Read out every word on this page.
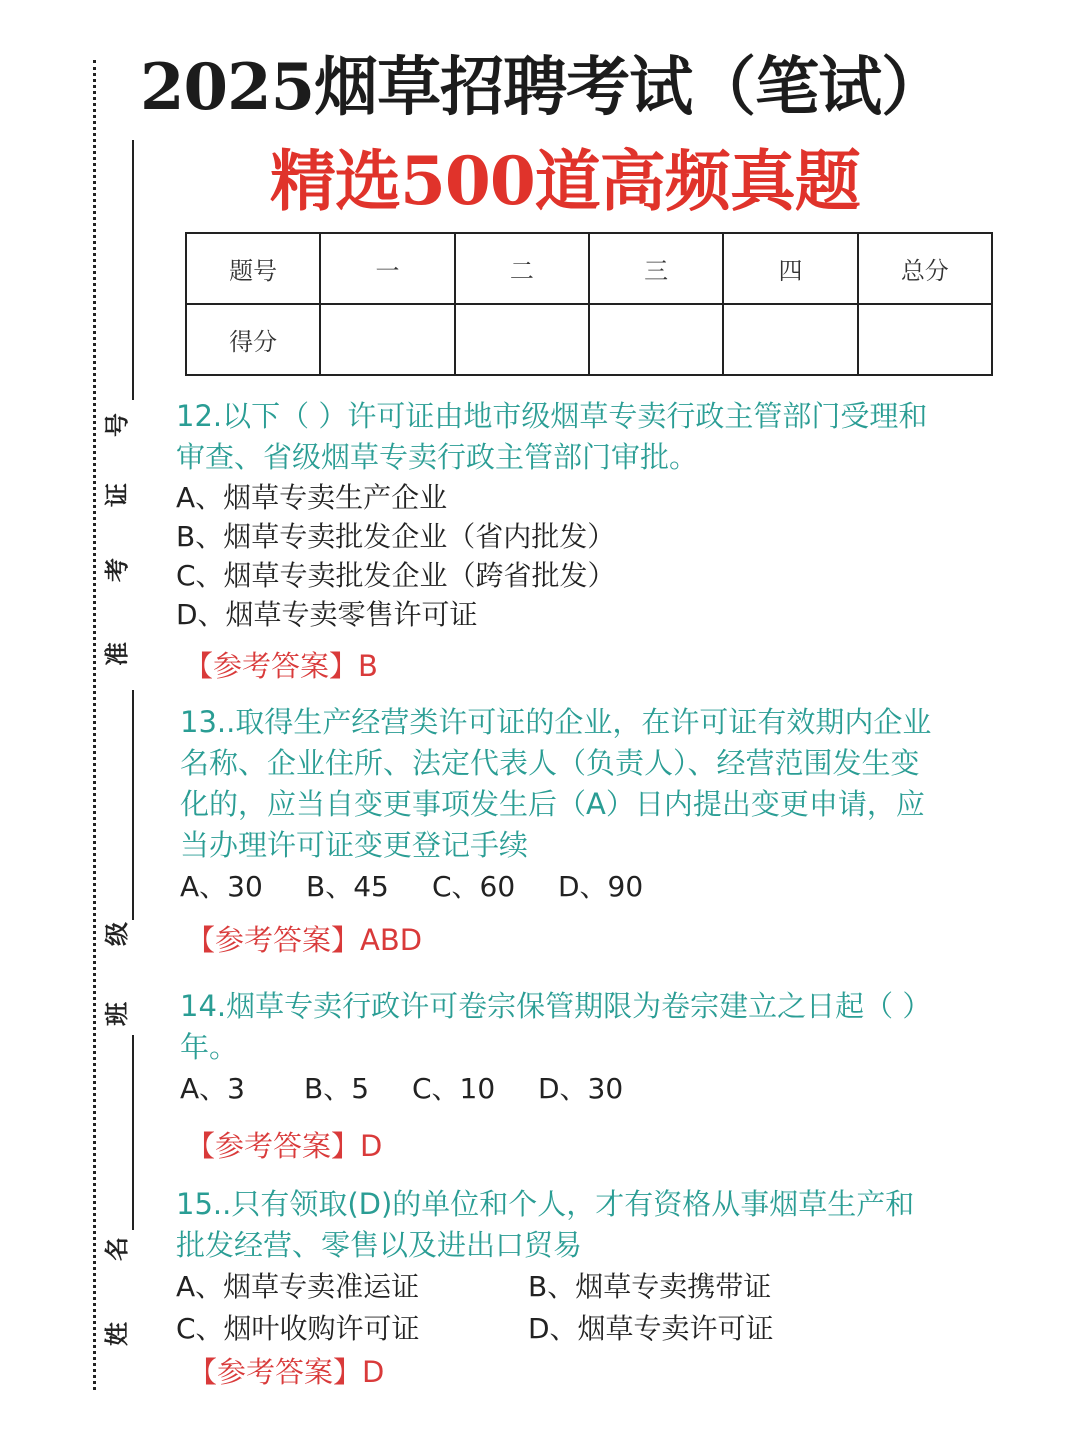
号
证
考
准
级
班
名
姓
2025烟草招聘考试（笔试）
精选500道高频真题
题号	一	二	三	四	总分
得分					

12.以下（ ）许可证由地市级烟草专卖行政主管部门受理和

审查、省级烟草专卖行政主管部门审批。

A、烟草专卖生产企业

B、烟草专卖批发企业（省内批发）

C、烟草专卖批发企业（跨省批发）

D、烟草专卖零售许可证

【参考答案】B

13..取得生产经营类许可证的企业，在许可证有效期内企业

名称、企业住所、法定代表人（负责人）、经营范围发生变

化的，应当自变更事项发生后（A）日内提出变更申请，应

当办理许可证变更登记手续

A、30	B、45	C、60	D、90

【参考答案】ABD

14.烟草专卖行政许可卷宗保管期限为卷宗建立之日起（ ）

年。

A、3	B、5	C、10	D、30

【参考答案】D

15..只有领取(D)的单位和个人，才有资格从事烟草生产和

批发经营、零售以及进出口贸易

A、烟草专卖准运证	B、烟草专卖携带证
C、烟叶收购许可证	D、烟草专卖许可证

【参考答案】D
